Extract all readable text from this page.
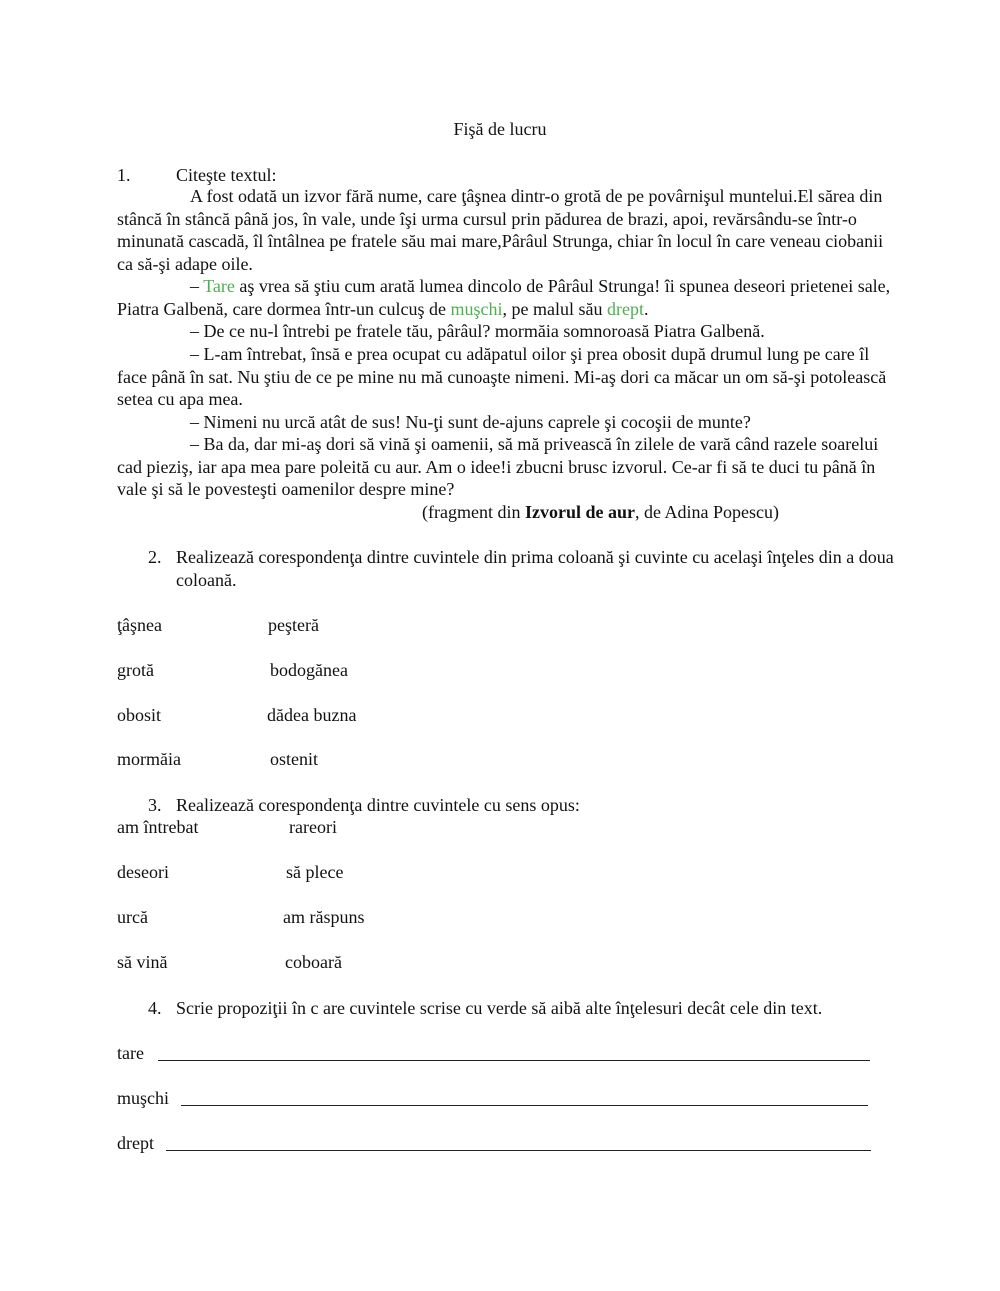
Fişă de lucru
1.	Citeşte textul:
A fost odată un izvor fără nume, care ţâşnea dintr-o grotă de pe povârnişul muntelui.El sărea din stâncă în stâncă până jos, în vale, unde îşi urma cursul prin pădurea de brazi, apoi, revărsându-se într-o minunată cascadă, îl întâlnea pe fratele său mai mare,Pârâul Strunga, chiar în locul în care veneau ciobanii ca să-şi adape oile.
– Tare aş vrea să ştiu cum arată lumea dincolo de Pârâul Strunga! îi spunea deseori prietenei sale, Piatra Galbenă, care dormea într-un culcuş de muşchi, pe malul său drept.
– De ce nu-l întrebi pe fratele tău, pârâul? mormăia somnoroasă Piatra Galbenă.
– L-am întrebat, însă e prea ocupat cu adăpatul oilor şi prea obosit după drumul lung pe care îl face până în sat. Nu ştiu de ce pe mine nu mă cunoaşte nimeni. Mi-aş dori ca măcar un om să-şi potolească setea cu apa mea.
– Nimeni nu urcă atât de sus! Nu-ţi sunt de-ajuns caprele şi cocoşii de munte?
– Ba da, dar mi-aş dori să vină şi oamenii, să mă privească în zilele de vară când razele soarelui cad pieziş, iar apa mea pare poleită cu aur. Am o idee!i zbucni brusc izvorul. Ce-ar fi să te duci tu până în vale şi să le povesteşti oamenilor despre mine?
(fragment din Izvorul de aur, de Adina Popescu)
2. Realizează corespondenţa dintre cuvintele din prima coloană şi cuvinte cu acelaşi înţeles din a doua coloană.
ţâşnea	peşteră
grotă	bodogănea
obosit	dădea buzna
mormăia	ostenit
3. Realizează corespondenţa dintre cuvintele cu sens opus:
am întrebat	rareori
deseori	să plece
urcă	am răspuns
să vină	coboară
4. Scrie propoziţii în c are cuvintele scrise cu verde să aibă alte înţelesuri decât cele din text.
tare
muşchi
drept
